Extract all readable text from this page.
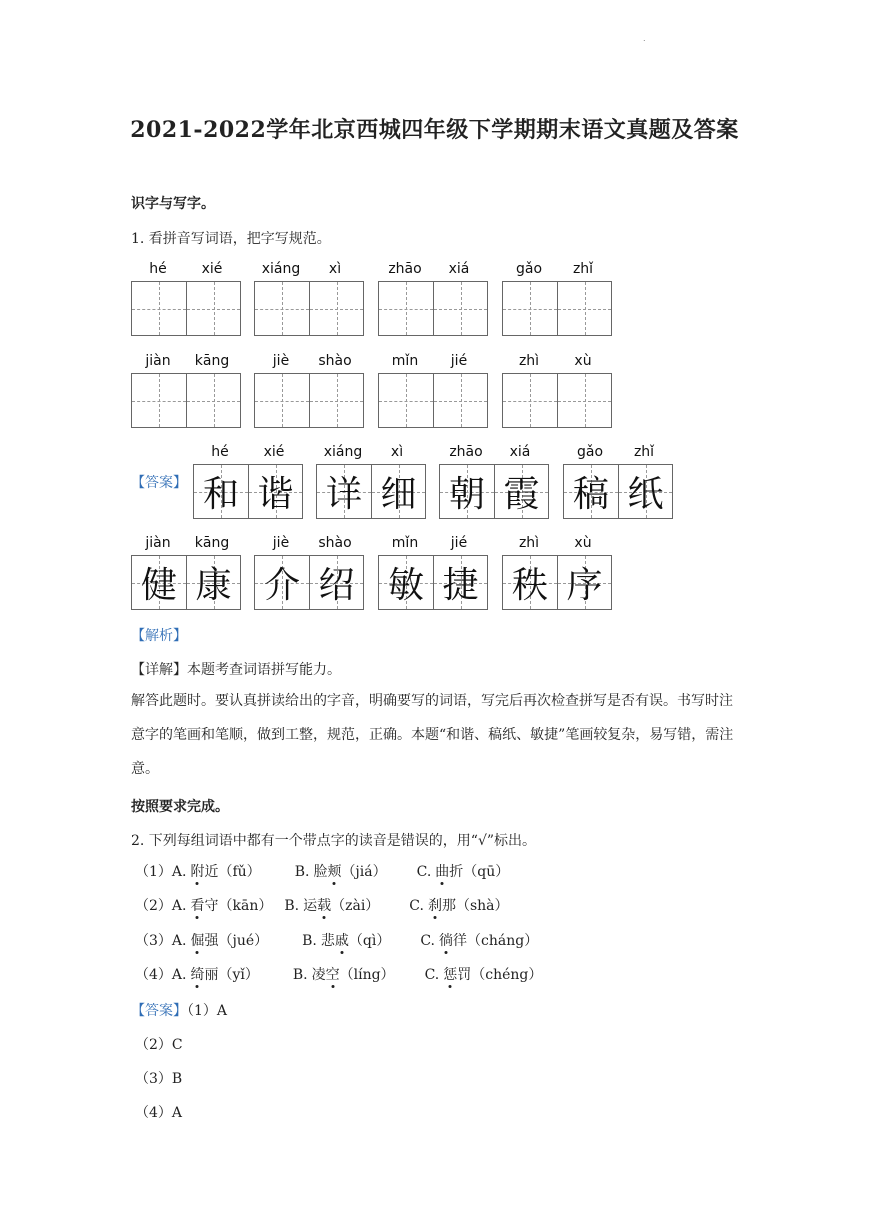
.
2021-2022学年北京西城四年级下学期期末语文真题及答案
识字与写字。
1. 看拼音写词语，把字写规范。
hé	xié	xiáng	xì	zhāo	xiá	gǎo	zhǐ
jiàn	kāng	jiè	shào	mǐn	jié	zhì	xù
【答案】
hé	xié
和 谐
xiáng	xì
详 细
zhāo	xiá
朝 霞
gǎo	zhǐ
稿 纸
jiàn	kāng
健 康
jiè	shào
介 绍
mǐn	jié
敏 捷
zhì	xù
秩 序
【解析】
【详解】本题考查词语拼写能力。
解答此题时。要认真拼读给出的字音，明确要写的词语，写完后再次检查拼写是否有误。书写时注意字的笔画和笔顺，做到工整，规范，正确。本题“和谐、稿纸、敏捷”笔画较复杂，易写错，需注意。
按照要求完成。
2. 下列每组词语中都有一个带点字的读音是错误的，用“√”标出。
（1）A. 附近（fǔ） B. 脸颊（jiá） C. 曲折（qū）
（2）A. 看守（kān） B. 运载（zài） C. 刹那（shà）
（3）A. 倔强（jué） B. 悲戚（qì） C. 徜徉（cháng）
（4）A. 绮丽（yǐ） B. 凌空（líng） C. 惩罚（chéng）
【答案】（1）A
（2）C
（3）B
（4）A
